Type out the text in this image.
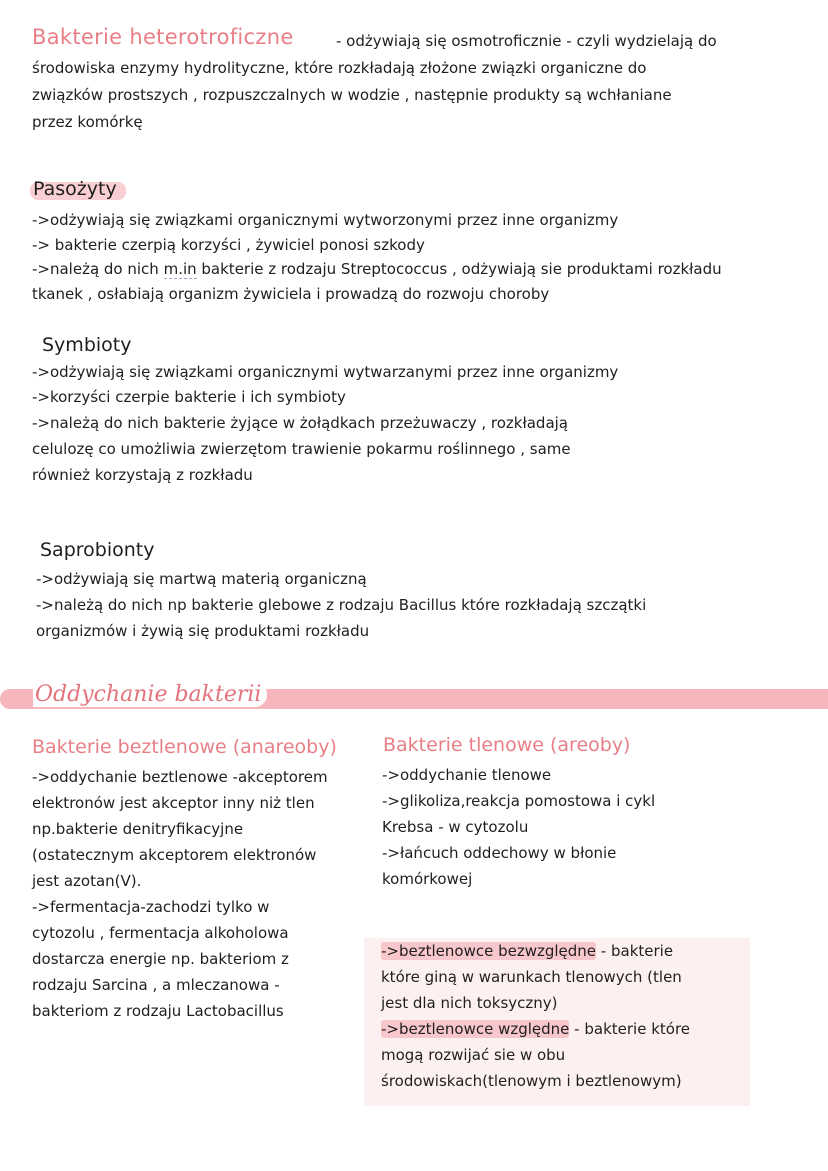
Bakterie heterotroficzne	- odżywiają się osmotroficznie - czyli wydzielają do
środowiska enzymy hydrolityczne, które rozkładają złożone związki organiczne do
związków prostszych , rozpuszczalnych w wodzie , następnie produkty są wchłaniane
przez komórkę
Pasożyty
->odżywiają się związkami organicznymi wytworzonymi przez inne organizmy
-> bakterie czerpią korzyści , żywiciel ponosi szkody
->należą do nich m.in bakterie z rodzaju Streptococcus , odżywiają sie produktami rozkładu
tkanek , osłabiają organizm żywiciela i prowadzą do rozwoju choroby
Symbioty
->odżywiają się związkami organicznymi wytwarzanymi przez inne organizmy
->korzyści czerpie bakterie i ich symbioty
->należą do nich bakterie żyjące w żołądkach przeżuwaczy , rozkładają
celulozę co umożliwia zwierzętom trawienie pokarmu roślinnego , same
również korzystają z rozkładu
Saprobionty
->odżywiają się martwą materią organiczną
->należą do nich np bakterie glebowe z rodzaju Bacillus które rozkładają szczątki
organizmów i żywią się produktami rozkładu
Oddychanie bakterii
Bakterie beztlenowe (anareoby)
->oddychanie beztlenowe -akceptorem
elektronów jest akceptor inny niż tlen
np.bakterie denitryfikacyjne
(ostatecznym akceptorem elektronów
jest azotan(V).
->fermentacja-zachodzi tylko w
cytozolu , fermentacja alkoholowa
dostarcza energie np. bakteriom z
rodzaju Sarcina , a mleczanowa -
bakteriom z rodzaju Lactobacillus
Bakterie tlenowe (areoby)
->oddychanie tlenowe
->glikoliza,reakcja pomostowa i cykl
Krebsa - w cytozolu
->łańcuch oddechowy w błonie
komórkowej
->beztlenowce bezwzględne - bakterie
które giną w warunkach tlenowych (tlen
jest dla nich toksyczny)
->beztlenowce względne - bakterie które
mogą rozwijać sie w obu
środowiskach(tlenowym i beztlenowym)
